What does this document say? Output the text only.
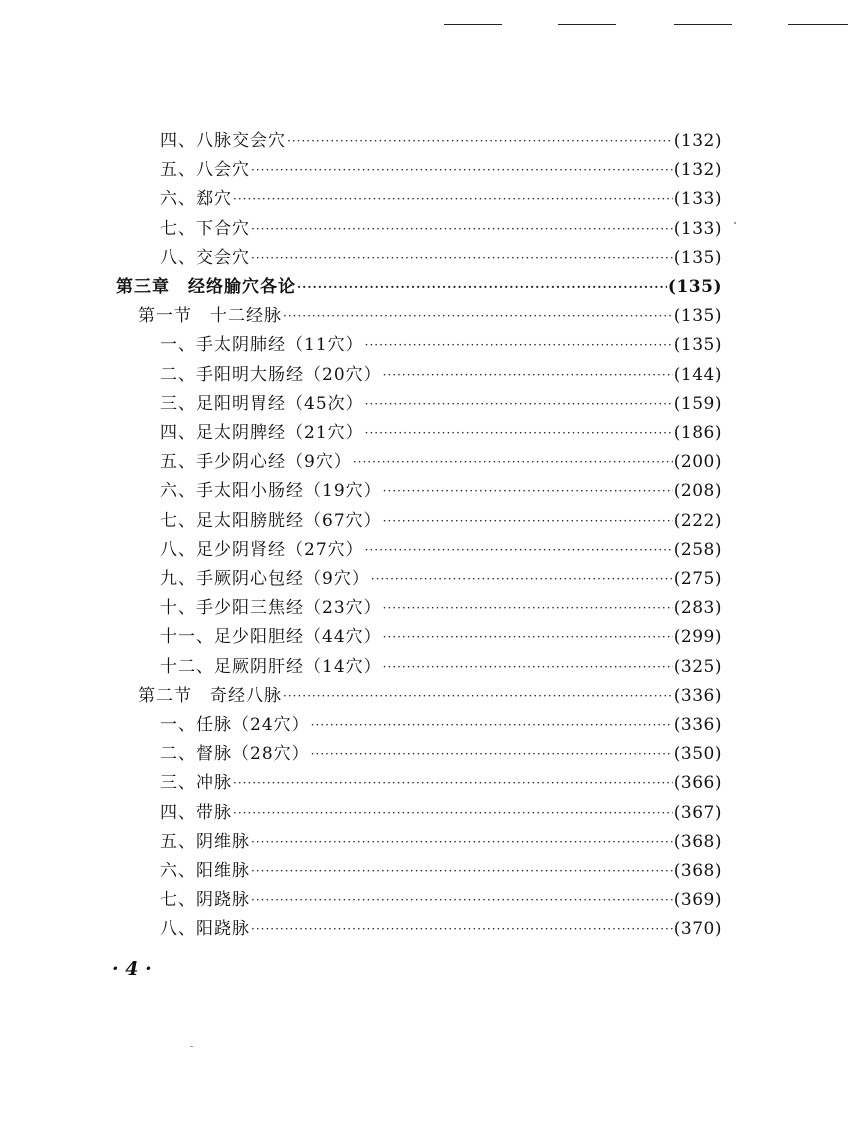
四、八脉交会穴 ·····	(132)
五、八会穴 ·····	(132)
六、郄穴 ·····	(133)
七、下合穴 ·····	(133)
八、交会穴 ·····	(135)
第三章　经络腧穴各论 ·····	(135)
第一节　十二经脉 ·····	(135)
一、手太阴肺经（11穴） ·····	(135)
二、手阳明大肠经（20穴） ·····	(144)
三、足阳明胃经（45次） ·····	(159)
四、足太阴脾经（21穴） ·····	(186)
五、手少阴心经（9穴） ·····	(200)
六、手太阳小肠经（19穴） ·····	(208)
七、足太阳膀胱经（67穴） ·····	(222)
八、足少阴肾经（27穴） ·····	(258)
九、手厥阴心包经（9穴） ·····	(275)
十、手少阳三焦经（23穴） ·····	(283)
十一、足少阳胆经（44穴） ·····	(299)
十二、足厥阴肝经（14穴） ·····	(325)
第二节　奇经八脉 ·····	(336)
一、任脉（24穴） ·····	(336)
二、督脉（28穴） ·····	(350)
三、冲脉 ·····	(366)
四、带脉 ·····	(367)
五、阴维脉 ·····	(368)
六、阳维脉 ·····	(368)
七、阴跷脉 ·····	(369)
八、阳跷脉 ·····	(370)
· 4 ·
